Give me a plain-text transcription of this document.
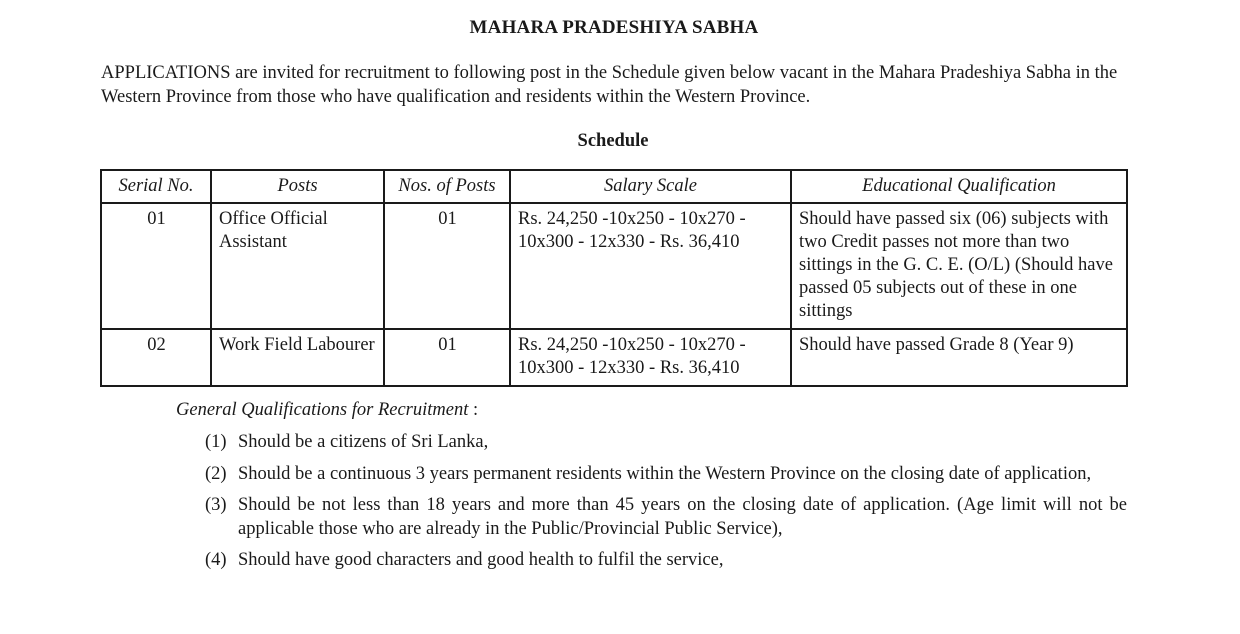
MAHARA PRADESHIYA SABHA
APPLICATIONS are invited for recruitment to following post in the Schedule given below vacant in the Mahara Pradeshiya Sabha in the Western Province from those who have qualification and residents within the Western Province.
Schedule
Serial No.	Posts	Nos. of Posts	Salary Scale	Educational Qualification
01	Office Official Assistant	01	Rs. 24,250 -10x250 - 10x270 - 10x300 - 12x330 - Rs. 36,410	Should have passed six (06) subjects with two Credit passes not more than two sittings in the G. C. E. (O/L) (Should have passed 05 subjects out of these in one sittings
02	Work Field Labourer	01	Rs. 24,250 -10x250 - 10x270 - 10x300 - 12x330 - Rs. 36,410	Should have passed Grade 8 (Year 9)
General Qualifications for Recruitment :
(1) Should be a citizens of Sri Lanka,
(2) Should be a continuous 3 years permanent residents within the Western Province on the closing date of application,
(3) Should be not less than 18 years and more than 45 years on the closing date of application. (Age limit will not be applicable those who are already in the Public/Provincial Public Service),
(4) Should have good characters and good health to fulfil the service,
